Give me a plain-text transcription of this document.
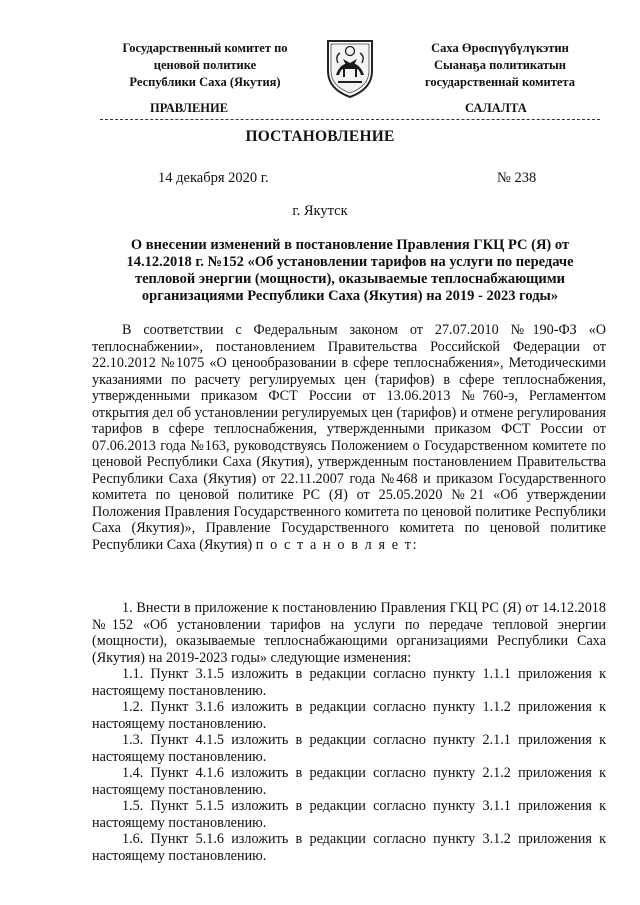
Государственный комитет по
ценовой политике
Республики Саха (Якутия)
Саха Өрөспүүбүлүкэтин
Сыанаҕа политикатын
государственнай комитета
ПРАВЛЕНИЕ	САЛАЛТА
ПОСТАНОВЛЕНИЕ
14 декабря 2020 г.	№ 238
г. Якутск
О внесении изменений в постановление Правления ГКЦ РС (Я) от
14.12.2018 г. №152 «Об установлении тарифов на услуги по передаче
тепловой энергии (мощности), оказываемые теплоснабжающими
организациями Республики Саха (Якутия) на 2019 - 2023 годы»

В соответствии с Федеральным законом от 27.07.2010 №190-ФЗ «О теплоснабжении», постановлением Правительства Российской Федерации от 22.10.2012 №1075 «О ценообразовании в сфере теплоснабжения», Методическими указаниями по расчету регулируемых цен (тарифов) в сфере теплоснабжения, утвержденными приказом ФСТ России от 13.06.2013 №760-э, Регламентом открытия дел об установлении регулируемых цен (тарифов) и отмене регулирования тарифов в сфере теплоснабжения, утвержденными приказом ФСТ России от 07.06.2013 года №163, руководствуясь Положением о Государственном комитете по ценовой Республики Саха (Якутия), утвержденным постановлением Правительства Республики Саха (Якутия) от 22.11.2007 года №468 и приказом Государственного комитета по ценовой политике РС (Я) от 25.05.2020 №21 «Об утверждении Положения Правления Государственного комитета по ценовой политике Республики Саха (Якутия)», Правление Государственного комитета по ценовой политике Республики Саха (Якутия) п о с т а н о в л я е т:

1. Внести в приложение к постановлению Правления ГКЦ РС (Я) от 14.12.2018 №152 «Об установлении тарифов на услуги по передаче тепловой энергии (мощности), оказываемые теплоснабжающими организациями Республики Саха (Якутия) на 2019-2023 годы» следующие изменения:

1.1. Пункт 3.1.5 изложить в редакции согласно пункту 1.1.1 приложения к настоящему постановлению.

1.2. Пункт 3.1.6 изложить в редакции согласно пункту 1.1.2 приложения к настоящему постановлению.

1.3. Пункт 4.1.5 изложить в редакции согласно пункту 2.1.1 приложения к настоящему постановлению.

1.4. Пункт 4.1.6 изложить в редакции согласно пункту 2.1.2 приложения к настоящему постановлению.

1.5. Пункт 5.1.5 изложить в редакции согласно пункту 3.1.1 приложения к настоящему постановлению.

1.6. Пункт 5.1.6 изложить в редакции согласно пункту 3.1.2 приложения к настоящему постановлению.
